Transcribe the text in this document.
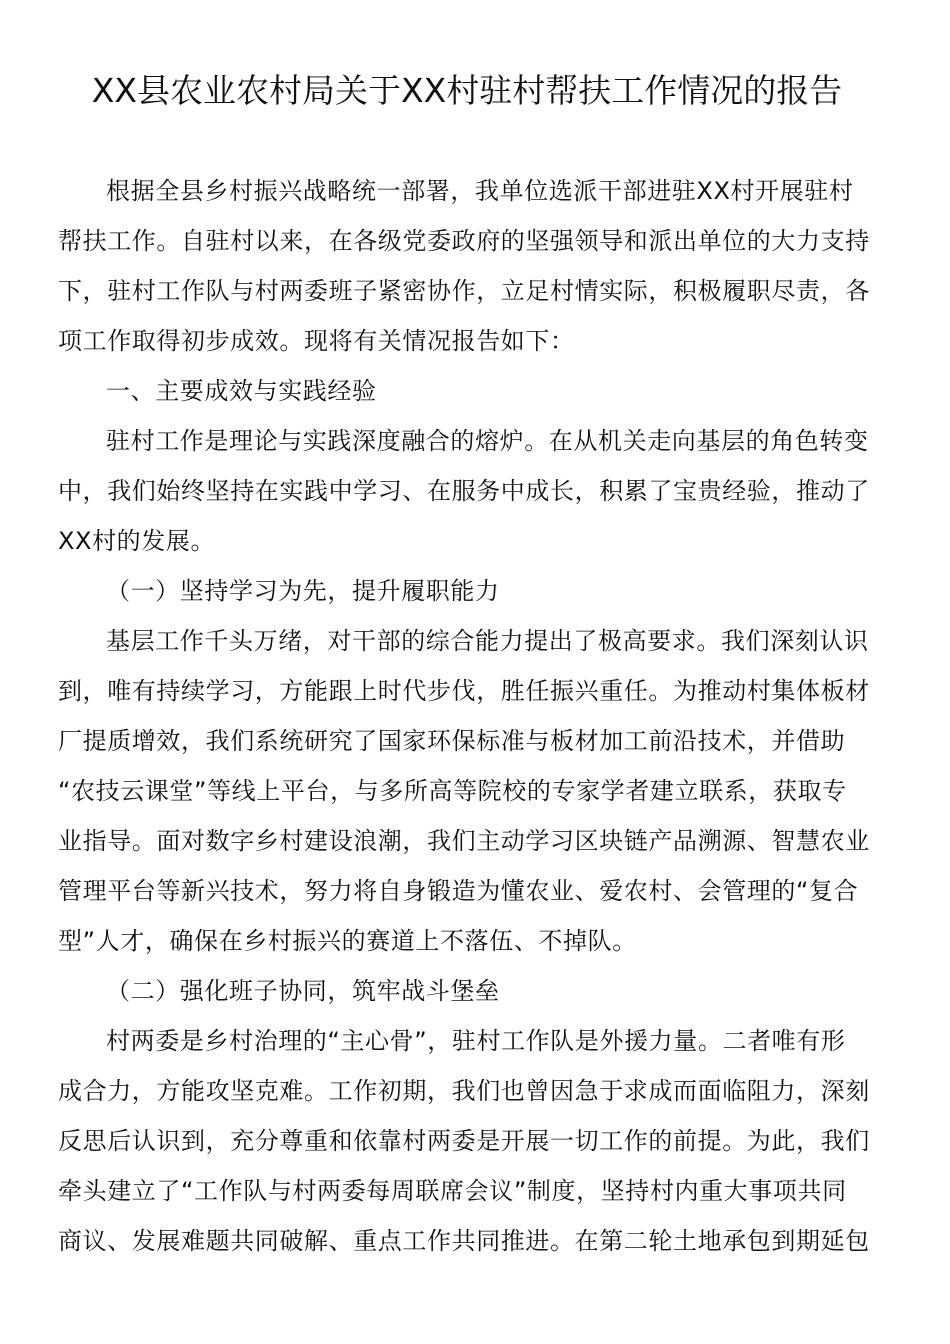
XX县农业农村局关于XX村驻村帮扶工作情况的报告
根据全县乡村振兴战略统一部署，我单位选派干部进驻XX村开展驻村
帮扶工作。自驻村以来，在各级党委政府的坚强领导和派出单位的大力支持
下，驻村工作队与村两委班子紧密协作，立足村情实际，积极履职尽责，各
项工作取得初步成效。现将有关情况报告如下：
一、主要成效与实践经验
驻村工作是理论与实践深度融合的熔炉。在从机关走向基层的角色转变
中，我们始终坚持在实践中学习、在服务中成长，积累了宝贵经验，推动了
XX村的发展。
（一）坚持学习为先，提升履职能力
基层工作千头万绪，对干部的综合能力提出了极高要求。我们深刻认识
到，唯有持续学习，方能跟上时代步伐，胜任振兴重任。为推动村集体板材
厂提质增效，我们系统研究了国家环保标准与板材加工前沿技术，并借助
“农技云课堂”等线上平台，与多所高等院校的专家学者建立联系，获取专
业指导。面对数字乡村建设浪潮，我们主动学习区块链产品溯源、智慧农业
管理平台等新兴技术，努力将自身锻造为懂农业、爱农村、会管理的“复合
型”人才，确保在乡村振兴的赛道上不落伍、不掉队。
（二）强化班子协同，筑牢战斗堡垒
村两委是乡村治理的“主心骨”，驻村工作队是外援力量。二者唯有形
成合力，方能攻坚克难。工作初期，我们也曾因急于求成而面临阻力，深刻
反思后认识到，充分尊重和依靠村两委是开展一切工作的前提。为此，我们
牵头建立了“工作队与村两委每周联席会议”制度，坚持村内重大事项共同
商议、发展难题共同破解、重点工作共同推进。在第二轮土地承包到期延包
